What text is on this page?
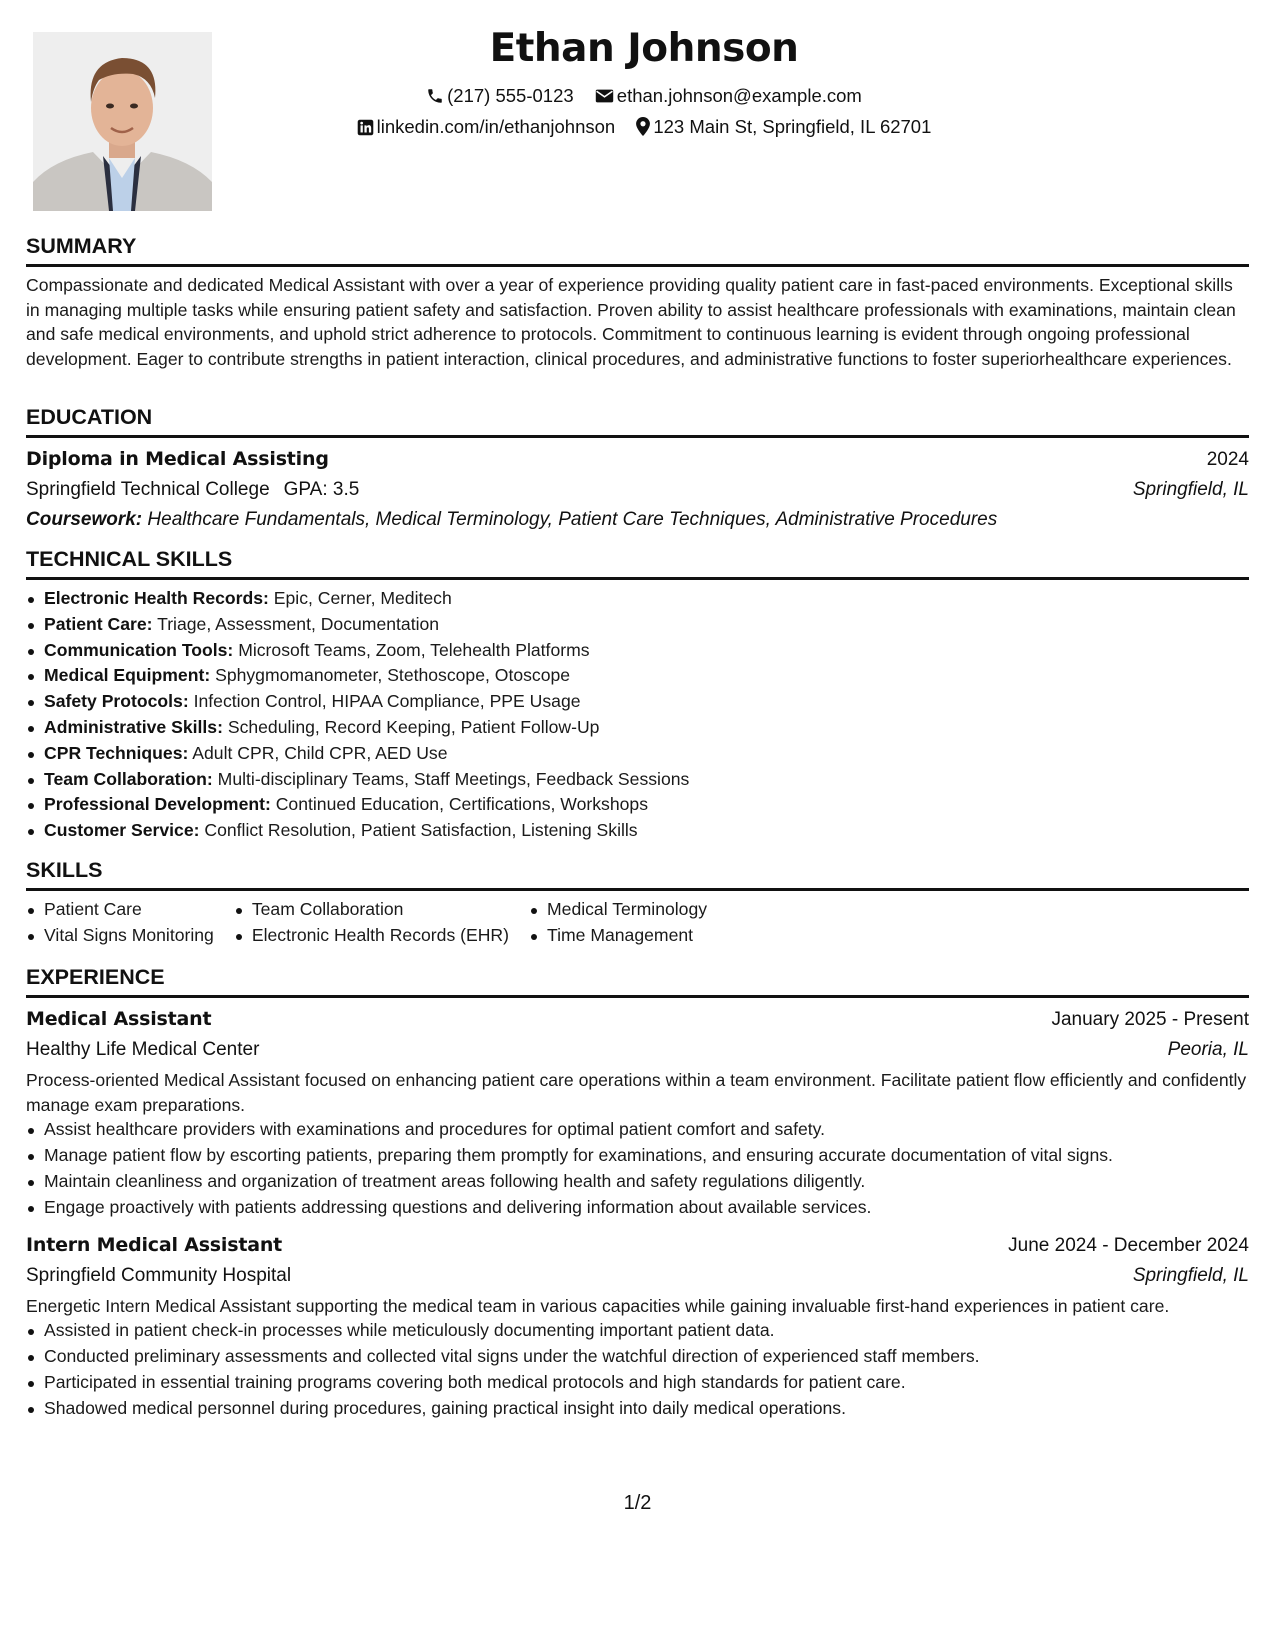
Ethan Johnson
(217) 555-0123 ethan.johnson@example.com
linkedin.com/in/ethanjohnson 123 Main St, Springfield, IL 62701
SUMMARY
Compassionate and dedicated Medical Assistant with over a year of experience providing quality patient care in fast-paced environments. Exceptional skills in managing multiple tasks while ensuring patient safety and satisfaction. Proven ability to assist healthcare professionals with examinations, maintain clean and safe medical environments, and uphold strict adherence to protocols. Commitment to continuous learning is evident through ongoing professional development. Eager to contribute strengths in patient interaction, clinical procedures, and administrative functions to foster superiorhealthcare experiences.
EDUCATION
Diploma in Medical Assisting	2024
Springfield Technical College GPA: 3.5	Springfield, IL
Coursework: Healthcare Fundamentals, Medical Terminology, Patient Care Techniques, Administrative Procedures
TECHNICAL SKILLS
Electronic Health Records: Epic, Cerner, Meditech
Patient Care: Triage, Assessment, Documentation
Communication Tools: Microsoft Teams, Zoom, Telehealth Platforms
Medical Equipment: Sphygmomanometer, Stethoscope, Otoscope
Safety Protocols: Infection Control, HIPAA Compliance, PPE Usage
Administrative Skills: Scheduling, Record Keeping, Patient Follow-Up
CPR Techniques: Adult CPR, Child CPR, AED Use
Team Collaboration: Multi-disciplinary Teams, Staff Meetings, Feedback Sessions
Professional Development: Continued Education, Certifications, Workshops
Customer Service: Conflict Resolution, Patient Satisfaction, Listening Skills
SKILLS
Patient Care
Vital Signs Monitoring
Team Collaboration
Electronic Health Records (EHR)
Medical Terminology
Time Management
EXPERIENCE
Medical Assistant	January 2025 - Present
Healthy Life Medical Center	Peoria, IL
Process-oriented Medical Assistant focused on enhancing patient care operations within a team environment. Facilitate patient flow efficiently and confidently manage exam preparations.
Assist healthcare providers with examinations and procedures for optimal patient comfort and safety.
Manage patient flow by escorting patients, preparing them promptly for examinations, and ensuring accurate documentation of vital signs.
Maintain cleanliness and organization of treatment areas following health and safety regulations diligently.
Engage proactively with patients addressing questions and delivering information about available services.
Intern Medical Assistant	June 2024 - December 2024
Springfield Community Hospital	Springfield, IL
Energetic Intern Medical Assistant supporting the medical team in various capacities while gaining invaluable first-hand experiences in patient care.
Assisted in patient check-in processes while meticulously documenting important patient data.
Conducted preliminary assessments and collected vital signs under the watchful direction of experienced staff members.
Participated in essential training programs covering both medical protocols and high standards for patient care.
Shadowed medical personnel during procedures, gaining practical insight into daily medical operations.
1/2
